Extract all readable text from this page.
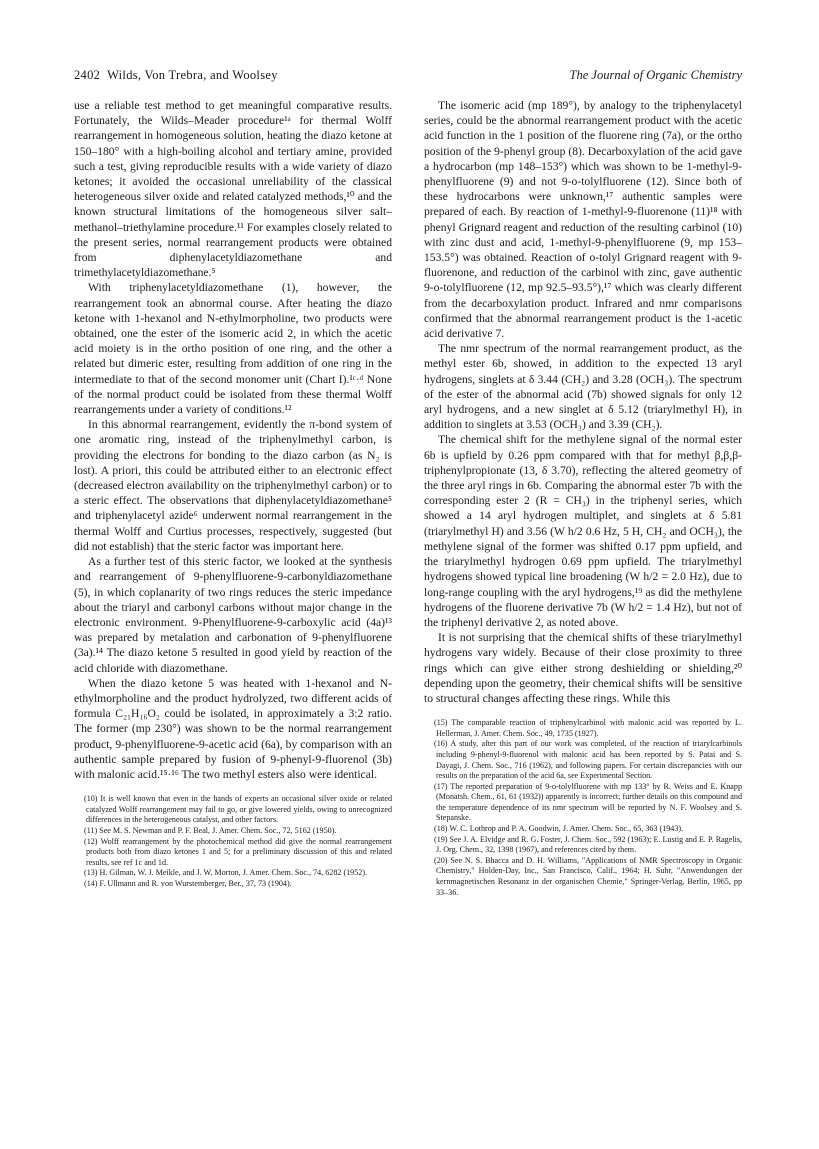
2402 Wilds, Von Trebra, and Woolsey	The Journal of Organic Chemistry

use a reliable test method to get meaningful comparative results. Fortunately, the Wilds–Meader procedure¹ᵃ for thermal Wolff rearrangement in homogeneous solution, heating the diazo ketone at 150–180° with a high-boiling alcohol and tertiary amine, provided such a test, giving reproducible results with a wide variety of diazo ketones; it avoided the occasional unreliability of the classical heterogeneous silver oxide and related catalyzed methods,¹⁰ and the known structural limitations of the homogeneous silver salt–methanol–triethylamine procedure.¹¹ For examples closely related to the present series, normal rearrangement products were obtained from diphenylacetyldiazomethane and trimethylacetyldiazomethane.⁵

With triphenylacetyldiazomethane (1), however, the rearrangement took an abnormal course. After heating the diazo ketone with 1-hexanol and N-ethylmorpholine, two products were obtained, one the ester of the isomeric acid 2, in which the acetic acid moiety is in the ortho position of one ring, and the other a related but dimeric ester, resulting from addition of one ring in the intermediate to that of the second monomer unit (Chart I).¹ᶜ·ᵈ None of the normal product could be isolated from these thermal Wolff rearrangements under a variety of conditions.¹²

In this abnormal rearrangement, evidently the π-bond system of one aromatic ring, instead of the triphenylmethyl carbon, is providing the electrons for bonding to the diazo carbon (as N₂ is lost). A priori, this could be attributed either to an electronic effect (decreased electron availability on the triphenylmethyl carbon) or to a steric effect. The observations that diphenylacetyldiazomethane⁵ and triphenylacetyl azide⁶ underwent normal rearrangement in the thermal Wolff and Curtius processes, respectively, suggested (but did not establish) that the steric factor was important here.

As a further test of this steric factor, we looked at the synthesis and rearrangement of 9-phenylfluorene-9-carbonyldiazomethane (5), in which coplanarity of two rings reduces the steric impedance about the triaryl and carbonyl carbons without major change in the electronic environment. 9-Phenylfluorene-9-carboxylic acid (4a)¹³ was prepared by metalation and carbonation of 9-phenylfluorene (3a).¹⁴ The diazo ketone 5 resulted in good yield by reaction of the acid chloride with diazomethane.

When the diazo ketone 5 was heated with 1-hexanol and N-ethylmorpholine and the product hydrolyzed, two different acids of formula C₂₁H₁₆O₂ could be isolated, in approximately a 3:2 ratio. The former (mp 230°) was shown to be the normal rearrangement product, 9-phenylfluorene-9-acetic acid (6a), by comparison with an authentic sample prepared by fusion of 9-phenyl-9-fluorenol (3b) with malonic acid.¹⁵·¹⁶ The two methyl esters also were identical.

(10) It is well known that even in the hands of experts an occasional silver oxide or related catalyzed Wolff rearrangement may fail to go, or give lowered yields, owing to unrecognized differences in the heterogeneous catalyst, and other factors.
(11) See M. S. Newman and P. F. Beal, J. Amer. Chem. Soc., 72, 5162 (1950).
(12) Wolff rearrangement by the photochemical method did give the normal rearrangement products both from diazo ketones 1 and 5; for a preliminary discussion of this and related results, see ref 1c and 1d.
(13) H. Gilman, W. J. Meikle, and J. W. Morton, J. Amer. Chem. Soc., 74, 6282 (1952).
(14) F. Ullmann and R. von Wurstemberger, Ber., 37, 73 (1904).

The isomeric acid (mp 189°), by analogy to the triphenylacetyl series, could be the abnormal rearrangement product with the acetic acid function in the 1 position of the fluorene ring (7a), or the ortho position of the 9-phenyl group (8). Decarboxylation of the acid gave a hydrocarbon (mp 148–153°) which was shown to be 1-methyl-9-phenylfluorene (9) and not 9-o-tolylfluorene (12). Since both of these hydrocarbons were unknown,¹⁷ authentic samples were prepared of each. By reaction of 1-methyl-9-fluorenone (11)¹⁸ with phenyl Grignard reagent and reduction of the resulting carbinol (10) with zinc dust and acid, 1-methyl-9-phenylfluorene (9, mp 153–153.5°) was obtained. Reaction of o-tolyl Grignard reagent with 9-fluorenone, and reduction of the carbinol with zinc, gave authentic 9-o-tolylfluorene (12, mp 92.5–93.5°),¹⁷ which was clearly different from the decarboxylation product. Infrared and nmr comparisons confirmed that the abnormal rearrangement product is the 1-acetic acid derivative 7.

The nmr spectrum of the normal rearrangement product, as the methyl ester 6b, showed, in addition to the expected 13 aryl hydrogens, singlets at δ 3.44 (CH₂) and 3.28 (OCH₃). The spectrum of the ester of the abnormal acid (7b) showed signals for only 12 aryl hydrogens, and a new singlet at δ 5.12 (triarylmethyl H), in addition to singlets at 3.53 (OCH₃) and 3.39 (CH₂).

The chemical shift for the methylene signal of the normal ester 6b is upfield by 0.26 ppm compared with that for methyl β,β,β-triphenylpropionate (13, δ 3.70), reflecting the altered geometry of the three aryl rings in 6b. Comparing the abnormal ester 7b with the corresponding ester 2 (R = CH₃) in the triphenyl series, which showed a 14 aryl hydrogen multiplet, and singlets at δ 5.81 (triarylmethyl H) and 3.56 (W h/2 0.6 Hz, 5 H, CH₂ and OCH₃), the methylene signal of the former was shifted 0.17 ppm upfield, and the triarylmethyl hydrogen 0.69 ppm upfield. The triarylmethyl hydrogens showed typical line broadening (W h/2 = 2.0 Hz), due to long-range coupling with the aryl hydrogens,¹⁹ as did the methylene hydrogens of the fluorene derivative 7b (W h/2 = 1.4 Hz), but not of the triphenyl derivative 2, as noted above.

It is not surprising that the chemical shifts of these triarylmethyl hydrogens vary widely. Because of their close proximity to three rings which can give either strong deshielding or shielding,²⁰ depending upon the geometry, their chemical shifts will be sensitive to structural changes affecting these rings. While this

(15) The comparable reaction of triphenylcarbinol with malonic acid was reported by L. Hellerman, J. Amer. Chem. Soc., 49, 1735 (1927).
(16) A study, after this part of our work was completed, of the reaction of triarylcarbinols including 9-phenyl-9-fluorenol with malonic acid has been reported by S. Patai and S. Dayagi, J. Chem. Soc., 716 (1962), and following papers. For certain discrepancies with our results on the preparation of the acid 6a, see Experimental Section.
(17) The reported preparation of 9-o-tolylfluorene with mp 133° by R. Weiss and E. Knapp (Monatsh. Chem., 61, 61 (1932)) apparently is incorrect; further details on this compound and the temperature dependence of its nmr spectrum will be reported by N. F. Woolsey and S. Stepanske.
(18) W. C. Lothrop and P. A. Goodwin, J. Amer. Chem. Soc., 65, 363 (1943).
(19) See J. A. Elvidge and R. G. Foster, J. Chem. Soc., 592 (1963); E. Lustig and E. P. Ragelis, J. Org. Chem., 32, 1398 (1967), and references cited by them.
(20) See N. S. Bhacca and D. H. Williams, "Applications of NMR Spectroscopy in Organic Chemistry," Holden-Day, Inc., San Francisco, Calif., 1964; H. Suhr, "Anwendungen der kernmagnetischen Resonanz in der organischen Chemie," Springer-Verlag, Berlin, 1965, pp 33–36.
